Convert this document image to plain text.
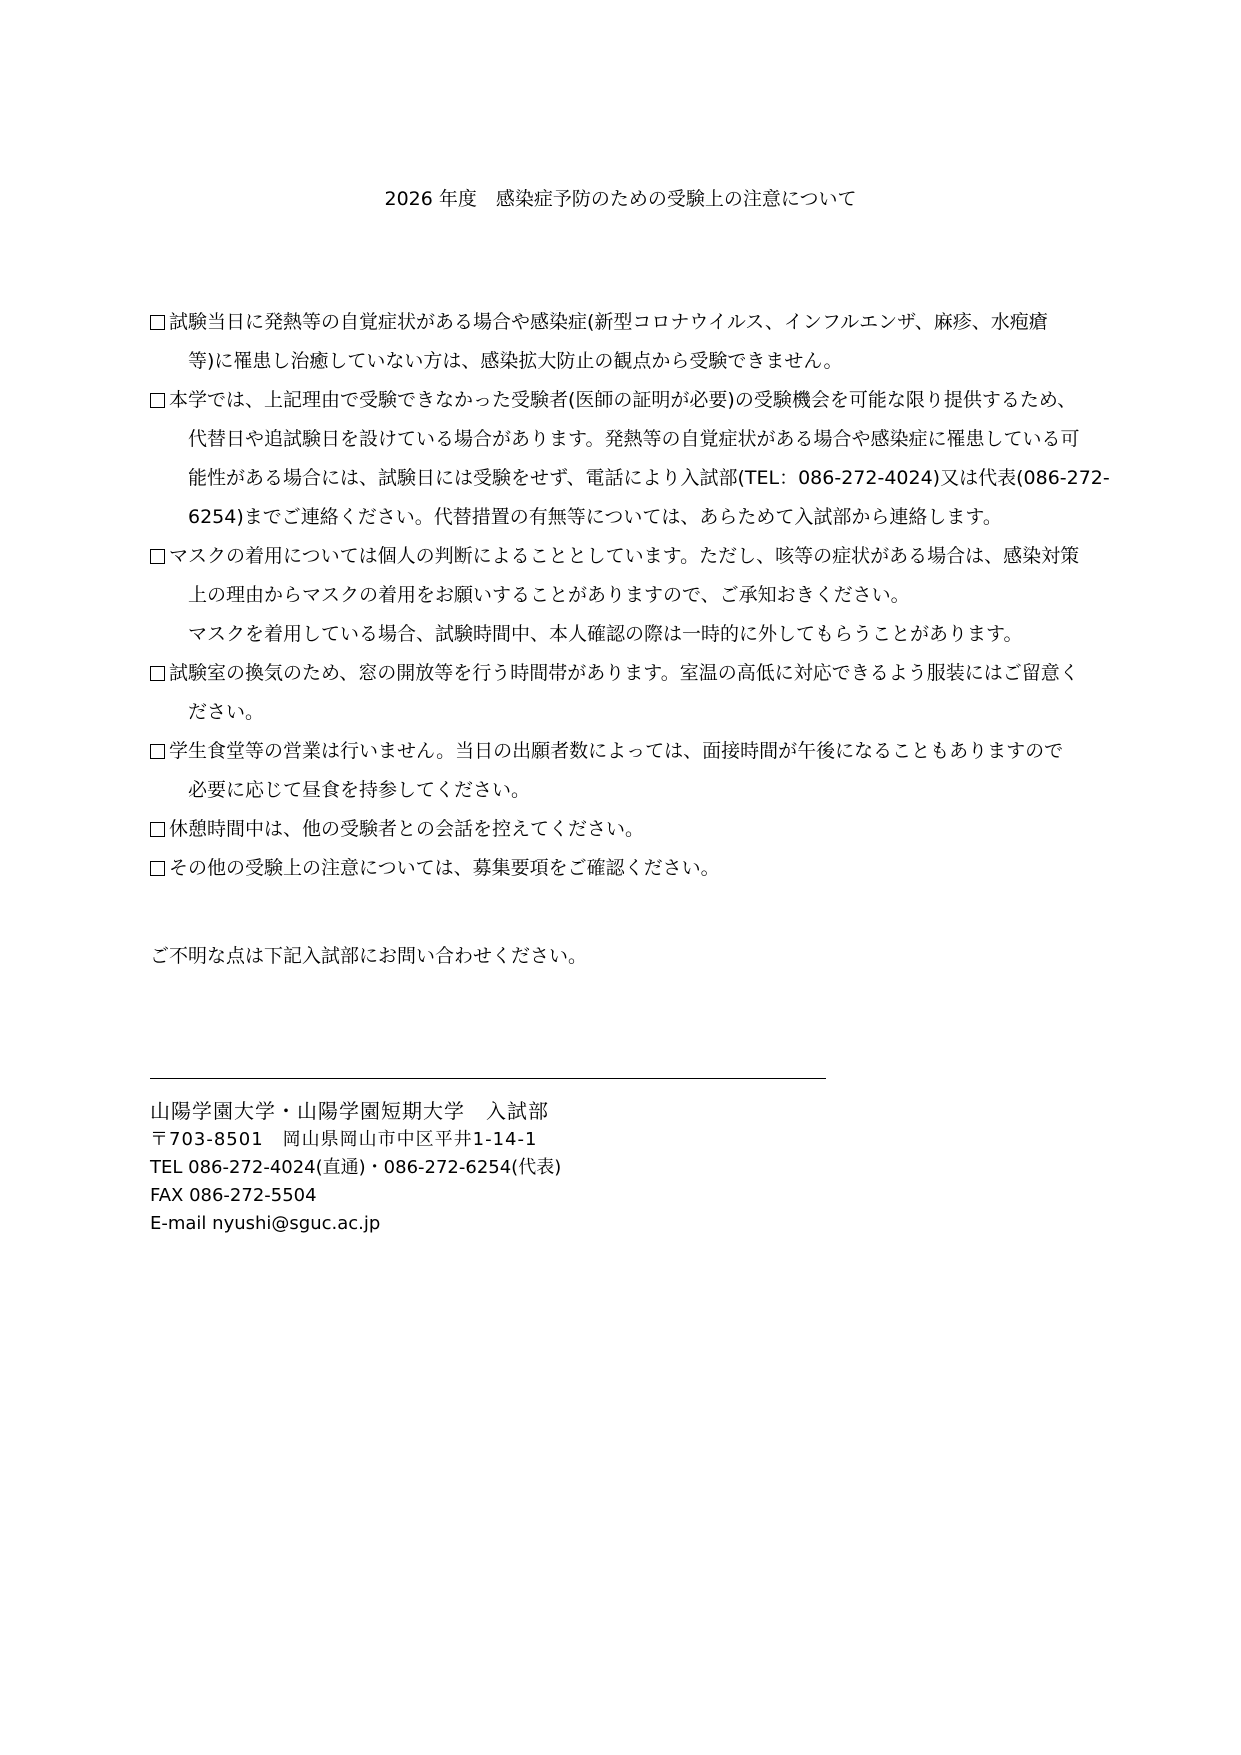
2026 年度　感染症予防のための受験上の注意について
試験当日に発熱等の自覚症状がある場合や感染症(新型コロナウイルス、インフルエンザ、麻疹、水疱瘡
等)に罹患し治癒していない方は、感染拡大防止の観点から受験できません。
本学では、上記理由で受験できなかった受験者(医師の証明が必要)の受験機会を可能な限り提供するため、
代替日や追試験日を設けている場合があります。発熱等の自覚症状がある場合や感染症に罹患している可
能性がある場合には、試験日には受験をせず、電話により入試部(TEL：086-272-4024)又は代表(086-272-
6254)までご連絡ください。代替措置の有無等については、あらためて入試部から連絡します。
マスクの着用については個人の判断によることとしています。ただし、咳等の症状がある場合は、感染対策
上の理由からマスクの着用をお願いすることがありますので、ご承知おきください。
マスクを着用している場合、試験時間中、本人確認の際は一時的に外してもらうことがあります。
試験室の換気のため、窓の開放等を行う時間帯があります。室温の高低に対応できるよう服装にはご留意く
ださい。
学生食堂等の営業は行いません。当日の出願者数によっては、面接時間が午後になることもありますので
必要に応じて昼食を持参してください。
休憩時間中は、他の受験者との会話を控えてください。
その他の受験上の注意については、募集要項をご確認ください。
ご不明な点は下記入試部にお問い合わせください。
山陽学園大学・山陽学園短期大学　入試部
〒703-8501　岡山県岡山市中区平井1-14-1
TEL 086-272-4024(直通)・086-272-6254(代表)
FAX 086-272-5504
E-mail nyushi@sguc.ac.jp
